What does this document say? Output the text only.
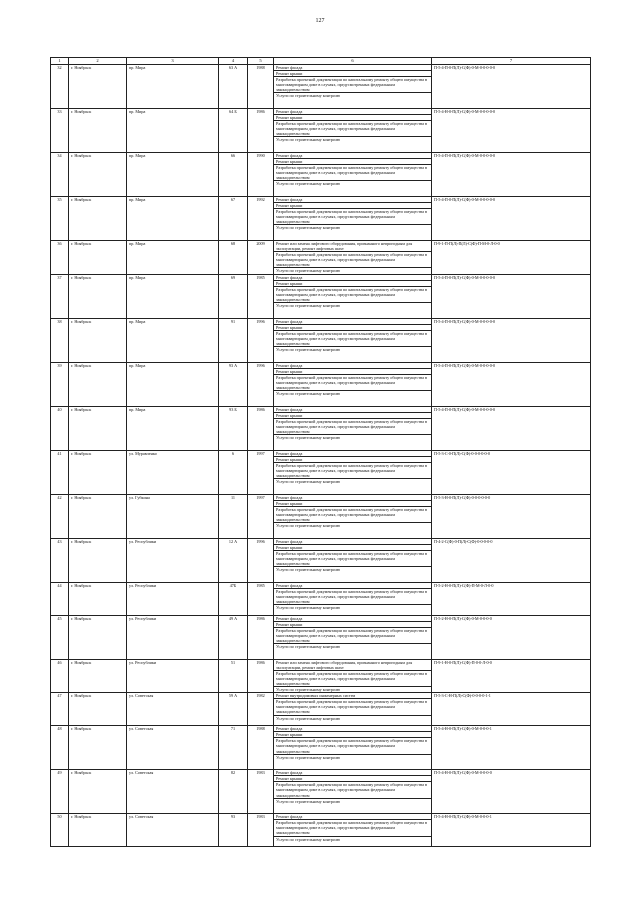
127
1	2	3	4	5	6	7
32	г. Ноябрьск	пр. Мира	63 А	1988	Ремонт фасада
Ремонт крыши
Разработка проектной документации по капитальному ремонту общего имущества в многоквартирном доме в случаях, предусмотренных федеральным законодательством
Услуги по строительному контролю	П-5-4-П-0-П(Л)-С(Ф)-0-М-0-0-0-0-0
33	г. Ноябрьск	пр. Мира	64 Б	1986	Ремонт фасада
Ремонт крыши
Разработка проектной документации по капитальному ремонту общего имущества в многоквартирном доме в случаях, предусмотренных федеральным законодательством
Услуги по строительному контролю	П-5-4-Н-0-П(Л)-С(Ф)-0-М-0-0-0-0-0
34	г. Ноябрьск	пр. Мира	66	1990	Ремонт фасада
Ремонт крыши
Разработка проектной документации по капитальному ремонту общего имущества в многоквартирном доме в случаях, предусмотренных федеральным законодательством
Услуги по строительному контролю	П-5-4-П-0-П(Л)-С(Ф)-0-М-0-0-0-0-0
35	г. Ноябрьск	пр. Мира	67	1992	Ремонт фасада
Ремонт крыши
Разработка проектной документации по капитальному ремонту общего имущества в многоквартирном доме в случаях, предусмотренных федеральным законодательством
Услуги по строительному контролю	П-5-4-П-0-П(Л)-С(Ф)-0-М-0-0-0-0-0
36	г. Ноябрьск	пр. Мира	68	2009	Ремонт или замена лифтового оборудования, признанного непригодным для эксплуатации, ремонт лифтовых шахт
Разработка проектной документации по капитальному ремонту общего имущества в многоквартирном доме в случаях, предусмотренных федеральным законодательством
Услуги по строительному контролю	П-9-1-П-П(Л)-П(Л)-С(Ф)-П-М-0-Л-0-0
37	г. Ноябрьск	пр. Мира	69	1985	Ремонт фасада
Ремонт крыши
Разработка проектной документации по капитальному ремонту общего имущества в многоквартирном доме в случаях, предусмотренных федеральным законодательством
Услуги по строительному контролю	П-5-4-П-0-П(Л)-С(Ф)-0-М-0-0-0-0-0
38	г. Ноябрьск	пр. Мира	91	1996	Ремонт фасада
Ремонт крыши
Разработка проектной документации по капитальному ремонту общего имущества в многоквартирном доме в случаях, предусмотренных федеральным законодательством
Услуги по строительному контролю	П-5-4-П-0-П(Л)-С(Ф)-0-М-0-0-0-0-0
39	г. Ноябрьск	пр. Мира	93 А	1996	Ремонт фасада
Ремонт крыши
Разработка проектной документации по капитальному ремонту общего имущества в многоквартирном доме в случаях, предусмотренных федеральным законодательством
Услуги по строительному контролю	П-5-4-П-0-П(Л)-С(Ф)-0-М-0-0-0-0-0
40	г. Ноябрьск	пр. Мира	93 Б	1986	Ремонт фасада
Ремонт крыши
Разработка проектной документации по капитальному ремонту общего имущества в многоквартирном доме в случаях, предусмотренных федеральным законодательством
Услуги по строительному контролю	П-5-4-П-0-П(Л)-С(Ф)-0-М-0-0-0-0-0
41	г. Ноябрьск	ул. Муравленко	6	1997	Ремонт фасада
Ремонт крыши
Разработка проектной документации по капитальному ремонту общего имущества в многоквартирном доме в случаях, предусмотренных федеральным законодательством
Услуги по строительному контролю	П-5-3-С-0-П(Л)-С(Ф)-0-0-0-0-0-0
42	г. Ноябрьск	ул. Губкина	11	1997	Ремонт фасада
Ремонт крыши
Разработка проектной документации по капитальному ремонту общего имущества в многоквартирном доме в случаях, предусмотренных федеральным законодательством
Услуги по строительному контролю	П-5-3-Н-0-П(Л)-С(Ф)-0-0-0-0-0-0
43	г. Ноябрьск	ул. Республики	12 А	1996	Ремонт фасада
Ремонт крыши
Разработка проектной документации по капитальному ремонту общего имущества в многоквартирном доме в случаях, предусмотренных федеральным законодательством
Услуги по строительному контролю	П-4-2-С(Ф)-0-П(Л)-С(Ф)-0-0-0-0-0
44	г. Ноябрьск	ул. Республики	47Б	1985	Ремонт фасада
Разработка проектной документации по капитальному ремонту общего имущества в многоквартирном доме в случаях, предусмотренных федеральным законодательством
Услуги по строительному контролю	П-5-2-Н-0-П(Л)-С(Ф)-П-М-0-Л-0-0
45	г. Ноябрьск	ул. Республики	49 А	1986	Ремонт фасада
Ремонт крыши
Разработка проектной документации по капитальному ремонту общего имущества в многоквартирном доме в случаях, предусмотренных федеральным законодательством
Услуги по строительному контролю	П-5-2-Н-0-П(Л)-С(Ф)-0-М-0-0-0-0
46	г. Ноябрьск	ул. Республики	51	1986	Ремонт или замена лифтового оборудования, признанного непригодным для эксплуатации, ремонт лифтовых шахт
Разработка проектной документации по капитальному ремонту общего имущества в многоквартирном доме в случаях, предусмотренных федеральным законодательством
Услуги по строительному контролю	П-9-1-Н-0-П(Л)-С(Ф)-П-0-0-Л-0-0
47	г. Ноябрьск	ул. Советская	59 А	1982	Ремонт внутридомовых инженерных систем
Разработка проектной документации по капитальному ремонту общего имущества в многоквартирном доме в случаях, предусмотренных федеральным законодательством
Услуги по строительному контролю	П-5-3-С-Н-П(Л)-С(Ф)-0-0-0-0-1-1
48	г. Ноябрьск	ул. Советская	71	1988	Ремонт фасада
Ремонт крыши
Разработка проектной документации по капитальному ремонту общего имущества в многоквартирном доме в случаях, предусмотренных федеральным законодательством
Услуги по строительному контролю	П-5-4-Н-0-П(Л)-С(Ф)-0-М-0-0-0-1
49	г. Ноябрьск	ул. Советская	82	1983	Ремонт фасада
Ремонт крыши
Разработка проектной документации по капитальному ремонту общего имущества в многоквартирном доме в случаях, предусмотренных федеральным законодательством
Услуги по строительному контролю	П-5-4-Н-0-П(Л)-С(Ф)-0-М-0-0-0-0
50	г. Ноябрьск	ул. Советская	93	1983	Ремонт фасада
Разработка проектной документации по капитальному ремонту общего имущества в многоквартирном доме в случаях, предусмотренных федеральным законодательством
Услуги по строительному контролю	П-5-4-Н-0-П(Л)-С(Ф)-0-М-0-0-0-1
